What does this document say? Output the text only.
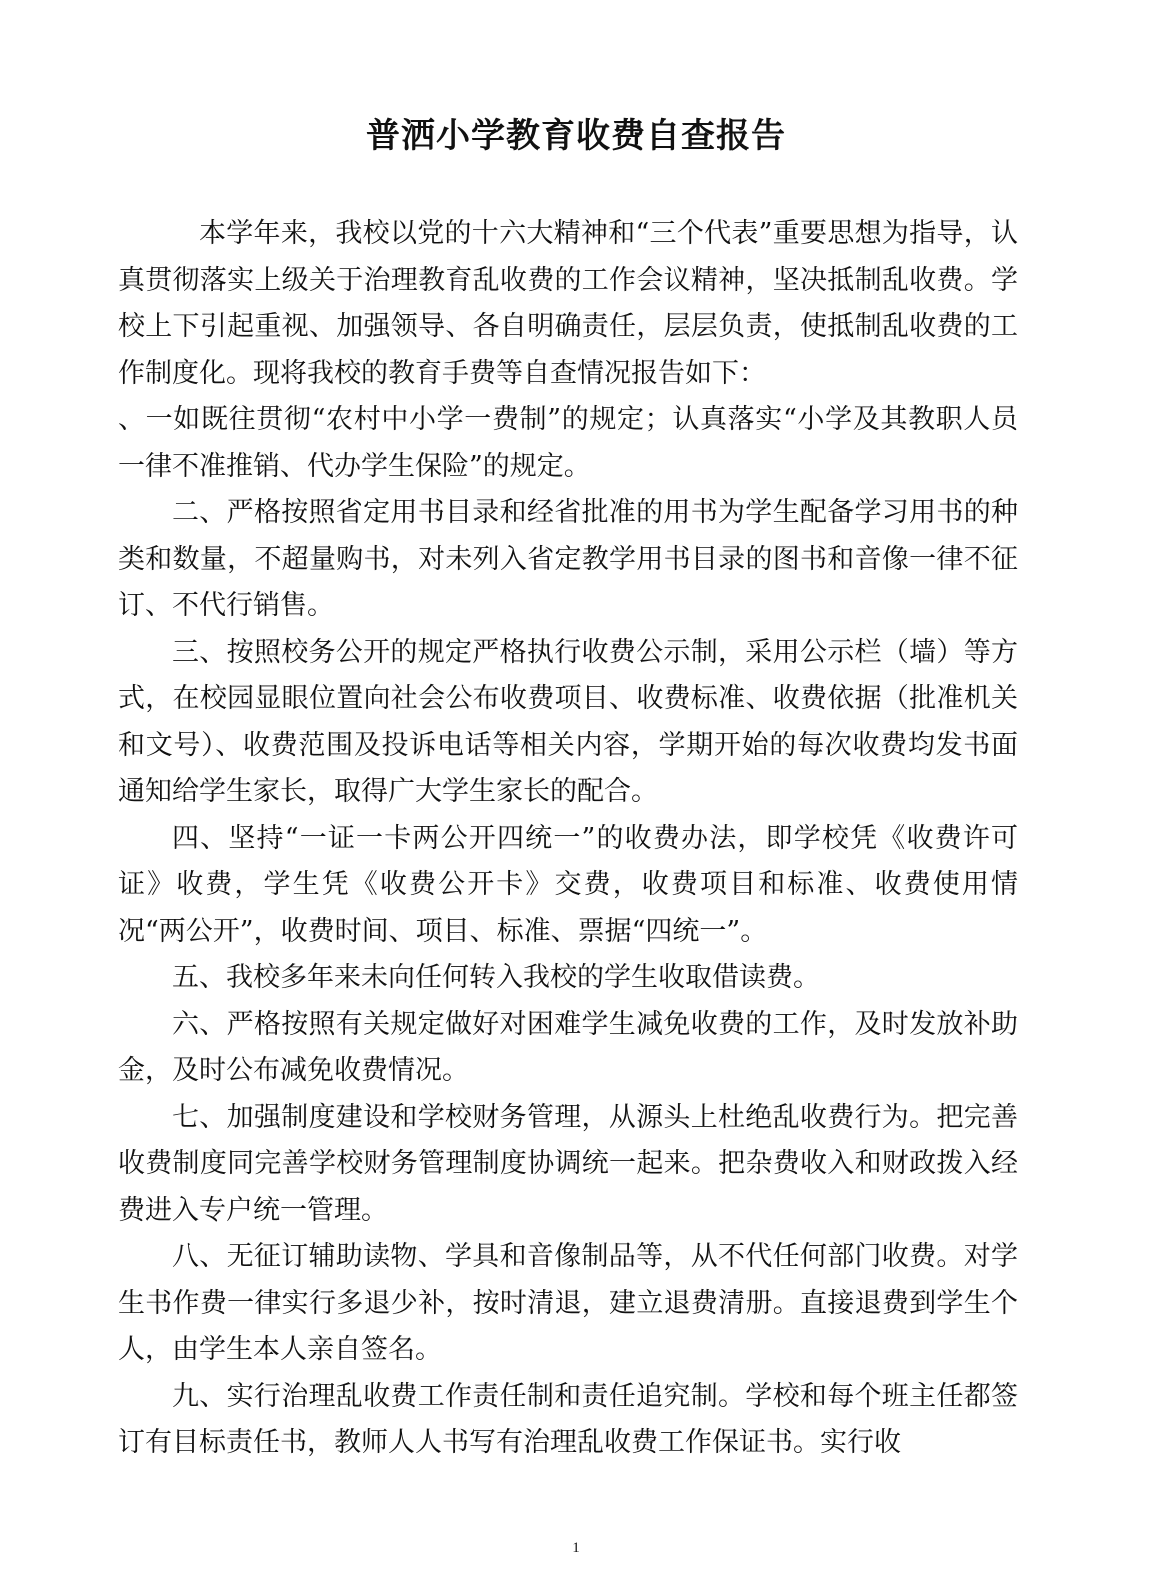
普洒小学教育收费自查报告

本学年来，我校以党的十六大精神和“三个代表”重要思想为指导，认真贯彻落实上级关于治理教育乱收费的工作会议精神，坚决抵制乱收费。学校上下引起重视、加强领导、各自明确责任，层层负责，使抵制乱收费的工作制度化。现将我校的教育手费等自查情况报告如下：

、一如既往贯彻“农村中小学一费制”的规定；认真落实“小学及其教职人员一律不准推销、代办学生保险”的规定。

二、严格按照省定用书目录和经省批准的用书为学生配备学习用书的种类和数量，不超量购书，对未列入省定教学用书目录的图书和音像一律不征订、不代行销售。

三、按照校务公开的规定严格执行收费公示制，采用公示栏（墙）等方式，在校园显眼位置向社会公布收费项目、收费标准、收费依据（批准机关和文号）、收费范围及投诉电话等相关内容，学期开始的每次收费均发书面通知给学生家长，取得广大学生家长的配合。

四、坚持“一证一卡两公开四统一”的收费办法，即学校凭《收费许可证》收费，学生凭《收费公开卡》交费，收费项目和标准、收费使用情况“两公开”，收费时间、项目、标准、票据“四统一”。

五、我校多年来未向任何转入我校的学生收取借读费。

六、严格按照有关规定做好对困难学生减免收费的工作，及时发放补助金，及时公布减免收费情况。

七、加强制度建设和学校财务管理，从源头上杜绝乱收费行为。把完善收费制度同完善学校财务管理制度协调统一起来。把杂费收入和财政拨入经费进入专户统一管理。

八、无征订辅助读物、学具和音像制品等，从不代任何部门收费。对学生书作费一律实行多退少补，按时清退，建立退费清册。直接退费到学生个人，由学生本人亲自签名。

九、实行治理乱收费工作责任制和责任追究制。学校和每个班主任都签订有目标责任书，教师人人书写有治理乱收费工作保证书。实行收

1
